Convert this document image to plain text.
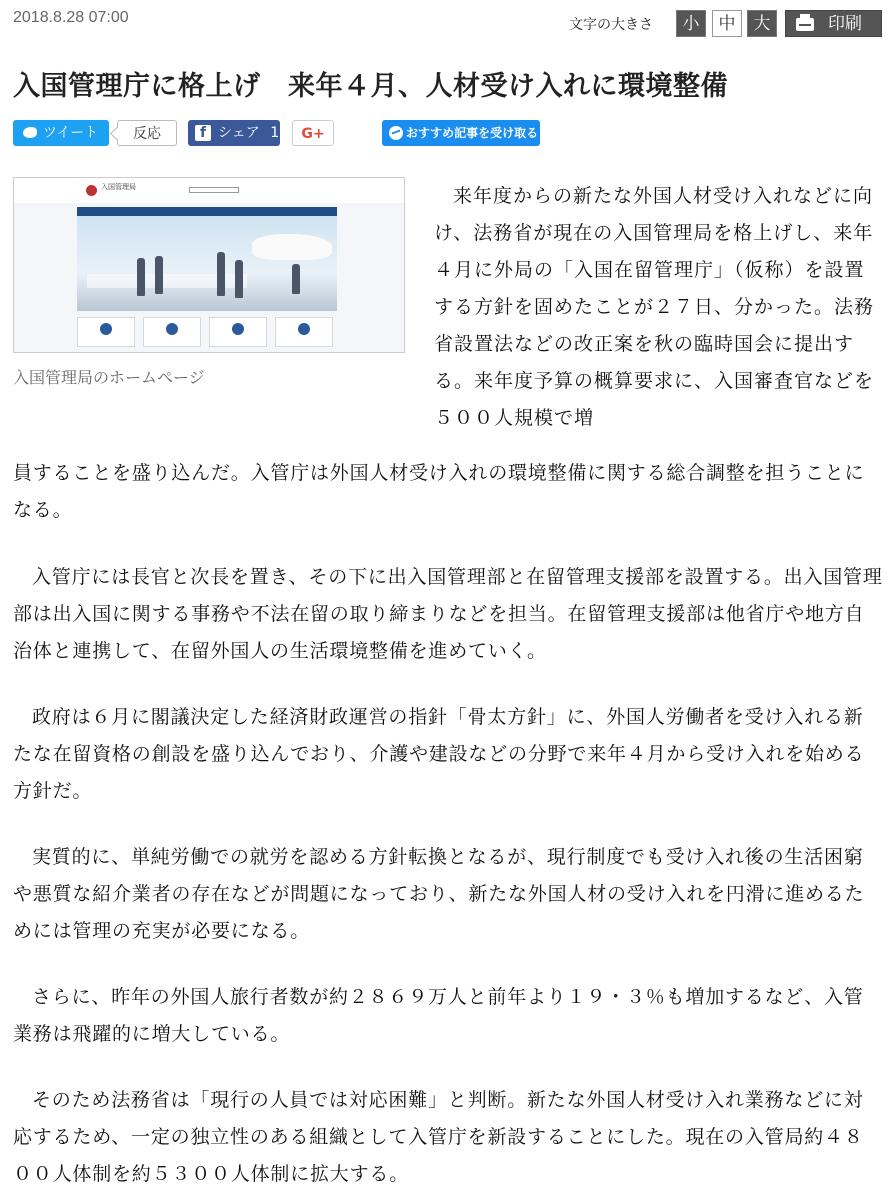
2018.8.28 07:00	文字の大きさ	小	中	大	印刷
入国管理庁に格上げ　来年４月、人材受け入れに環境整備
ツイート	反応	f シェア 1	G+	おすすめ記事を受け取る
入国管理局
入国管理局のホームページ

来年度からの新たな外国人材受け入れなどに向け、法務省が現在の入国管理局を格上げし、来年４月に外局の「入国在留管理庁」（仮称）を設置する方針を固めたことが２７日、分かった。法務省設置法などの改正案を秋の臨時国会に提出する。来年度予算の概算要求に、入国審査官などを５００人規模で増

員することを盛り込んだ。入管庁は外国人材受け入れの環境整備に関する総合調整を担うことになる。

入管庁には長官と次長を置き、その下に出入国管理部と在留管理支援部を設置する。出入国管理部は出入国に関する事務や不法在留の取り締まりなどを担当。在留管理支援部は他省庁や地方自治体と連携して、在留外国人の生活環境整備を進めていく。

政府は６月に閣議決定した経済財政運営の指針「骨太方針」に、外国人労働者を受け入れる新たな在留資格の創設を盛り込んでおり、介護や建設などの分野で来年４月から受け入れを始める方針だ。

実質的に、単純労働での就労を認める方針転換となるが、現行制度でも受け入れ後の生活困窮や悪質な紹介業者の存在などが問題になっており、新たな外国人材の受け入れを円滑に進めるためには管理の充実が必要になる。

さらに、昨年の外国人旅行者数が約２８６９万人と前年より１９・３％も増加するなど、入管業務は飛躍的に増大している。

そのため法務省は「現行の人員では対応困難」と判断。新たな外国人材受け入れ業務などに対応するため、一定の独立性のある組織として入管庁を新設することにした。現在の入管局約４８００人体制を約５３００人体制に拡大する。
